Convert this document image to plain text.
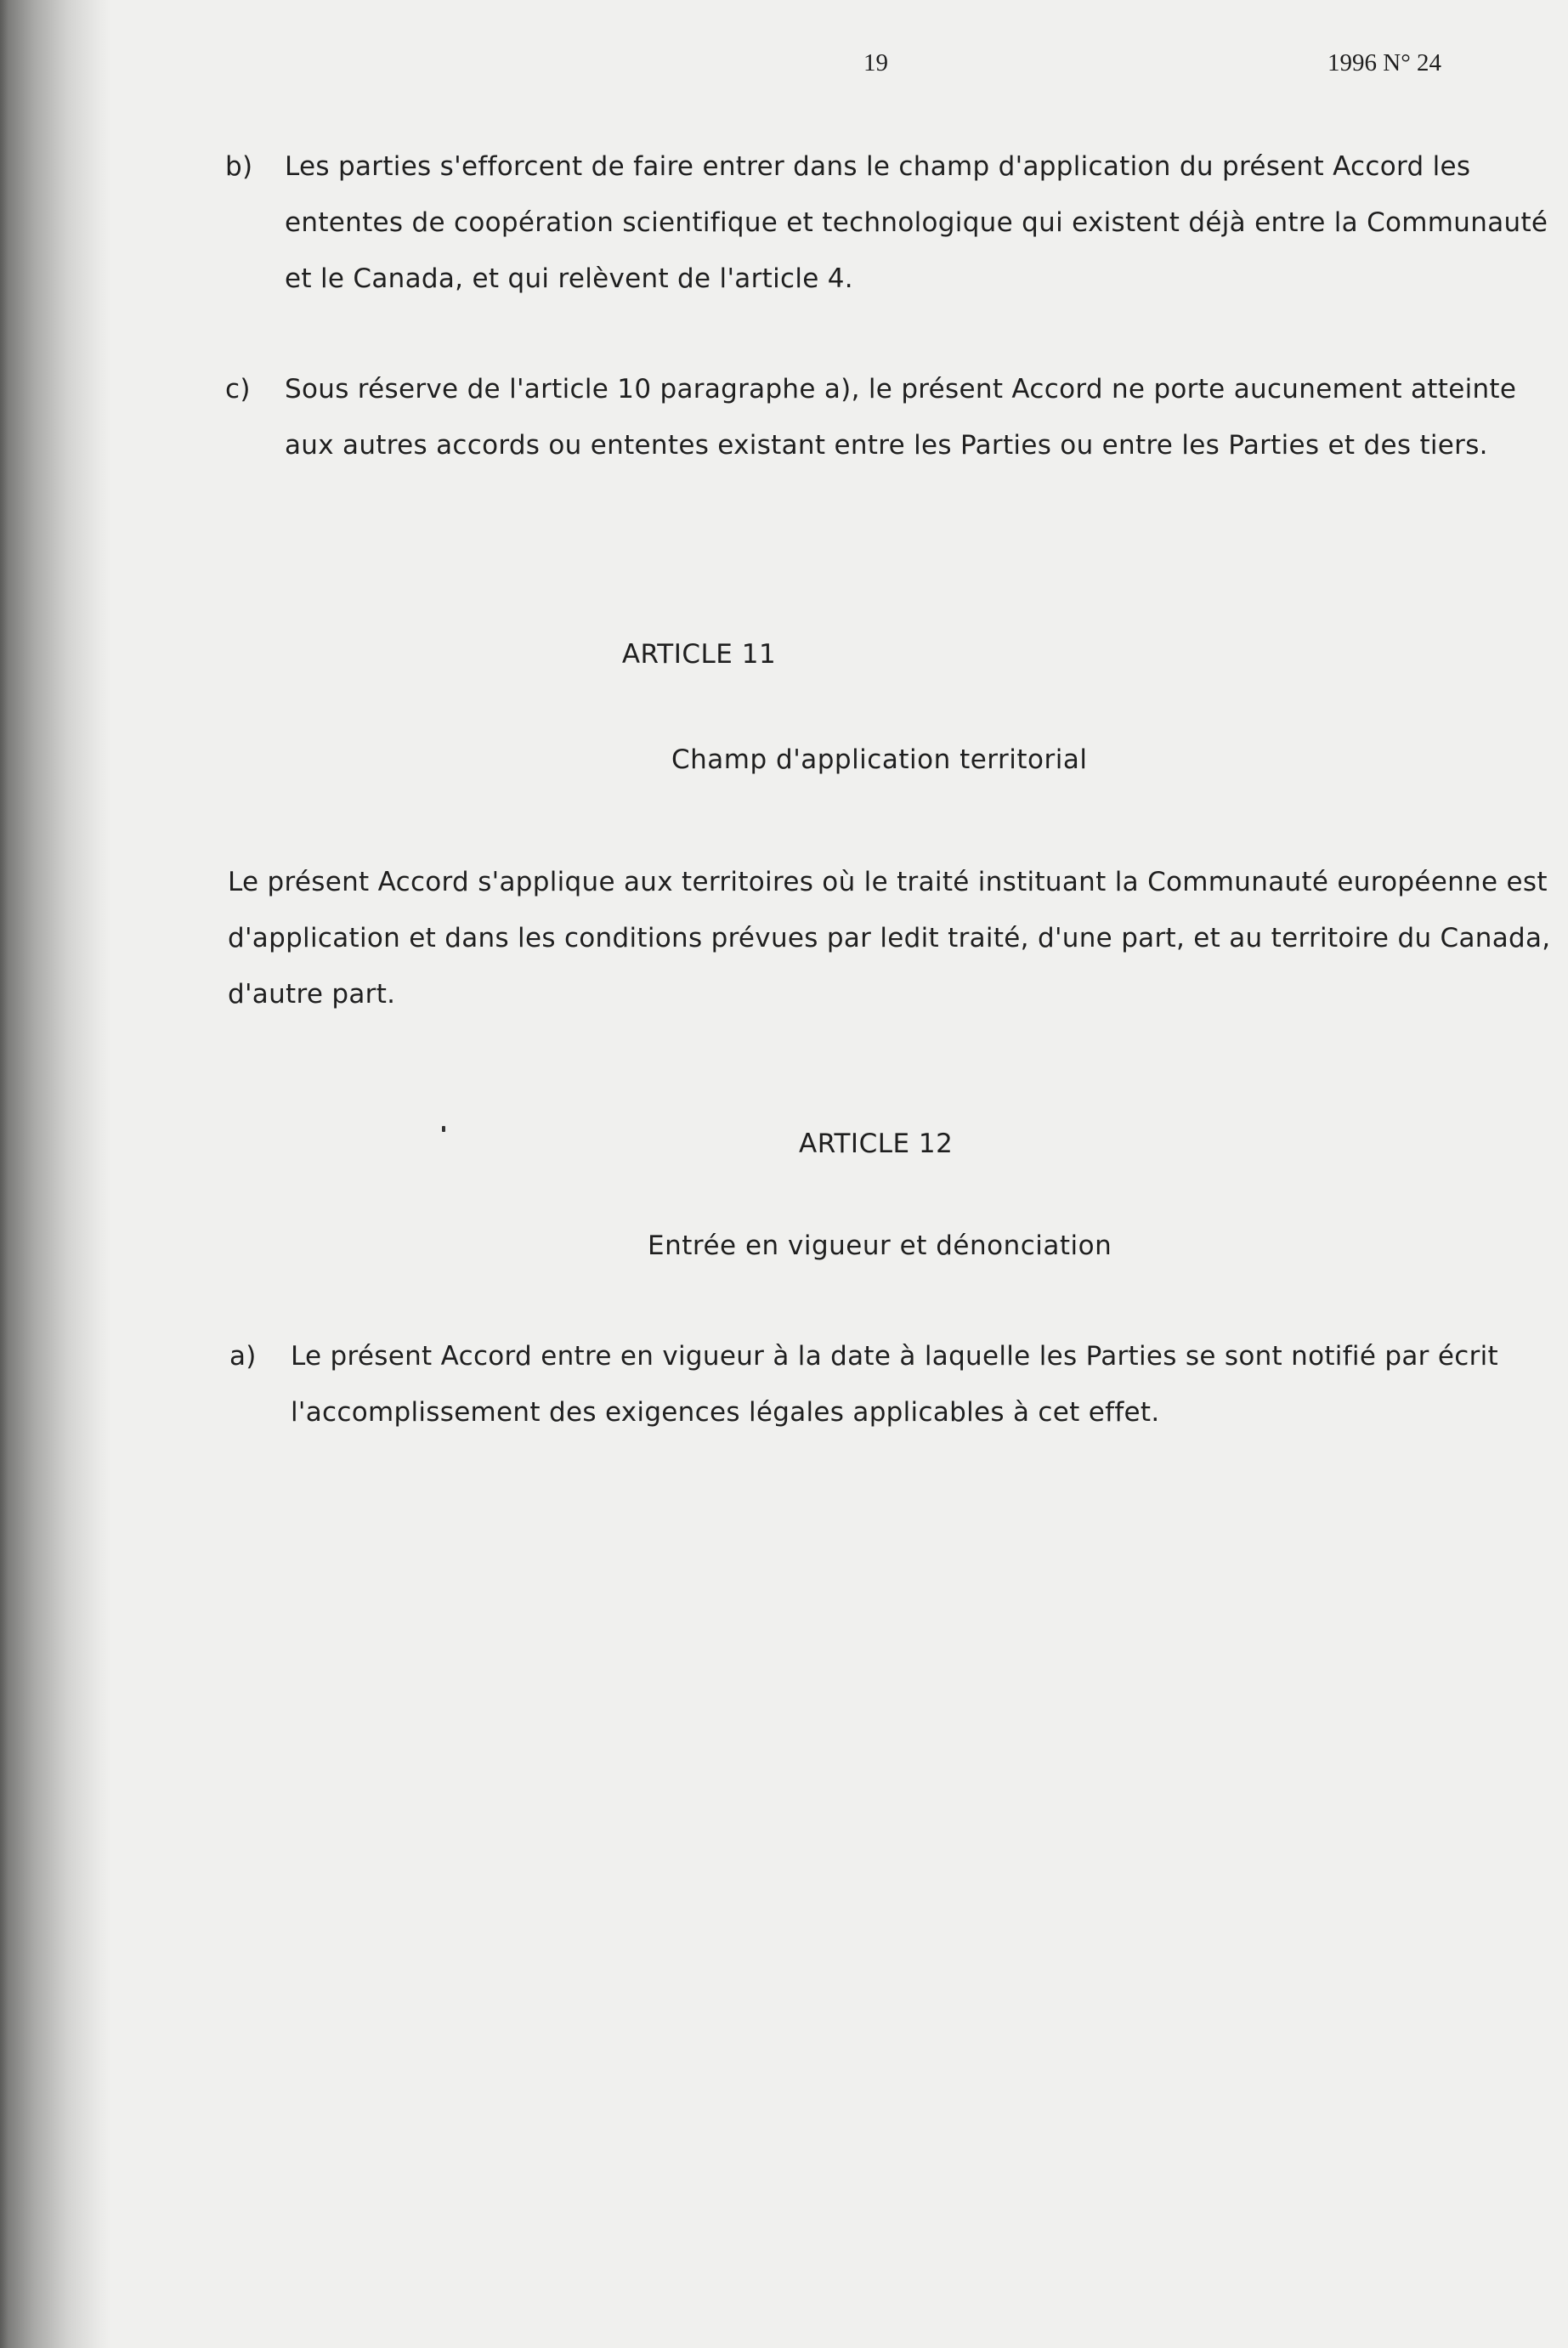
19	1996 N° 24
b) Les parties s'efforcent de faire entrer dans le champ d'application du présent Accord les ententes de coopération scientifique et technologique qui existent déjà entre la Communauté et le Canada, et qui relèvent de l'article 4.
c) Sous réserve de l'article 10 paragraphe a), le présent Accord ne porte aucunement atteinte aux autres accords ou ententes existant entre les Parties ou entre les Parties et des tiers.
ARTICLE 11
Champ d'application territorial
Le présent Accord s'applique aux territoires où le traité instituant la Communauté européenne est d'application et dans les conditions prévues par ledit traité, d'une part, et au territoire du Canada, d'autre part.
ARTICLE 12
Entrée en vigueur et dénonciation
a) Le présent Accord entre en vigueur à la date à laquelle les Parties se sont notifié par écrit l'accomplissement des exigences légales applicables à cet effet.
